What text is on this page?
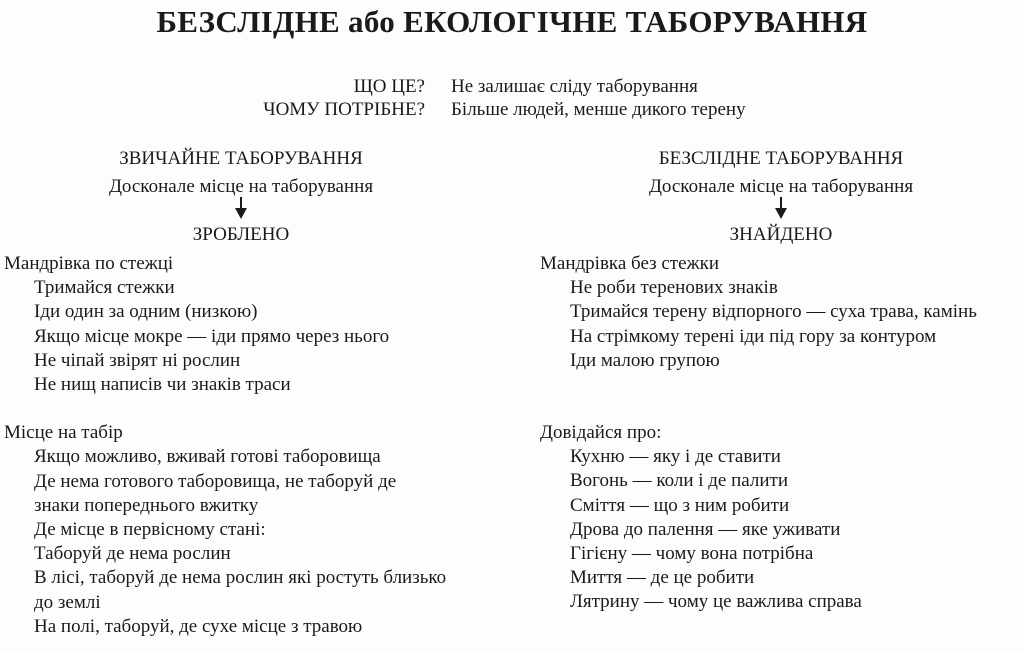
БЕЗСЛІДНЕ або ЕКОЛОГІЧНЕ ТАБОРУВАННЯ
ЩО ЦЕ? Не залишає сліду таборування
ЧОМУ ПОТРІБНЕ? Більше людей, менше дикого терену
ЗВИЧАЙНЕ ТАБОРУВАННЯ
Досконале місце на таборування
ЗРОБЛЕНО
БЕЗСЛІДНЕ ТАБОРУВАННЯ
Досконале місце на таборування
ЗНАЙДЕНО
Мандрівка по стежці
Тримайся стежки
Іди один за одним (низкою)
Якщо місце мокре — іди прямо через нього
Не чіпай звірят ні рослин
Не нищ написів чи знаків траси
Місце на табір
Якщо можливо, вживай готові таборовища
Де нема готового таборовища, не таборуй де
знаки попереднього вжитку
Де місце в первісному стані:
Таборуй де нема рослин
В лісі, таборуй де нема рослин які ростуть близько
до землі
На полі, таборуй, де сухе місце з травою
Мандрівка без стежки
Не роби теренових знаків
Тримайся терену відпорного — суха трава, камінь
На стрімкому терені іди під гору за контуром
Іди малою групою
Довідайся про:
Кухню — яку і де ставити
Вогонь — коли і де палити
Сміття — що з ним робити
Дрова до палення — яке уживати
Гігієну — чому вона потрібна
Миття — де це робити
Лятрину — чому це важлива справа
